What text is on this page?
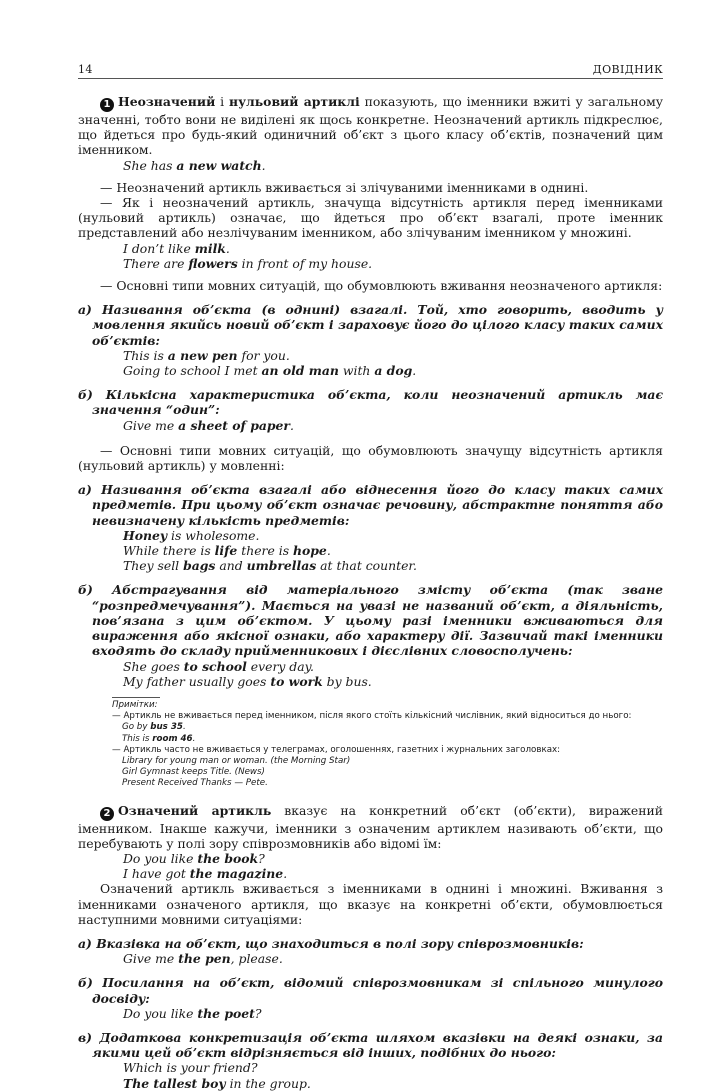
14	ДОВІДНИК

1 Неозначений і нульовий артиклі показують, що іменники вжиті у загальному значенні, тобто вони не виділені як щось конкретне. Неозначений артикль підкреслює, що йдеться про будь-який одиничний об’єкт з цього класу об’єктів, позначений цим іменником.

She has a new watch.

— Неозначений артикль вживається зі злічуваними іменниками в однині.

— Як і неозначений артикль, значуща відсутність артикля перед іменниками (нульовий артикль) означає, що йдеться про об’єкт взагалі, проте іменник представлений або незлічуваним іменником, або злічуваним іменником у множині.

I don’t like milk.
There are flowers in front of my house.

— Основні типи мовних ситуацій, що обумовлюють вживання неозначеного артикля:

а) Називання об’єкта (в однині) взагалі. Той, хто говорить, вводить у мовлення якийсь новий об’єкт і зараховує його до цілого класу таких самих об’єктів:

This is a new pen for you.
Going to school I met an old man with a dog.

б) Кількісна характеристика об’єкта, коли неозначений артикль має значення “один”:

Give me a sheet of paper.

— Основні типи мовних ситуацій, що обумовлюють значущу відсутність артикля (нульовий артикль) у мовленні:

а) Називання об’єкта взагалі або віднесення його до класу таких самих предметів. При цьому об’єкт означає речовину, абстрактне поняття або невизначену кількість предметів:

Honey is wholesome.
While there is life there is hope.
They sell bags and umbrellas at that counter.

б) Абстрагування від матеріального змісту об’єкта (так зване “розпредмечування”). Мається на увазі не названий об’єкт, а діяльність, пов’язана з цим об’єктом. У цьому разі іменники вживаються для вираження або якісної ознаки, або характеру дії. Зазвичай такі іменники входять до складу прийменникових і дієслівних словосполучень:

She goes to school every day.
My father usually goes to work by bus.
Примітки:
— Артикль не вживається перед іменником, після якого стоїть кількісний числівник, який відноситься до нього:
Go by bus 35.
This is room 46.
— Артикль часто не вживається у телеграмах, оголошеннях, газетних і журнальних заголовках:
Library for young man or woman. (the Morning Star)
Girl Gymnast keeps Title. (News)
Present Received Thanks — Pete.

2 Означений артикль вказує на конкретний об’єкт (об’єкти), виражений іменником. Інакше кажучи, іменники з означеним артиклем називають об’єкти, що перебувають у полі зору співрозмовників або відомі їм:

Do you like the book?
I have got the magazine.

Означений артикль вживається з іменниками в однині і множині. Вживання з іменниками означеного артикля, що вказує на конкретні об’єкти, обумовлюється наступними мовними ситуаціями:

а) Вказівка на об’єкт, що знаходиться в полі зору співрозмовників:

Give me the pen, please.

б) Посилання на об’єкт, відомий співрозмовникам зі спільного минулого досвіду:

Do you like the poet?

в) Додаткова конкретизація об’єкта шляхом вказівки на деякі ознаки, за якими цей об’єкт відрізняється від інших, подібних до нього:

Which is your friend?
The tallest boy in the group.
